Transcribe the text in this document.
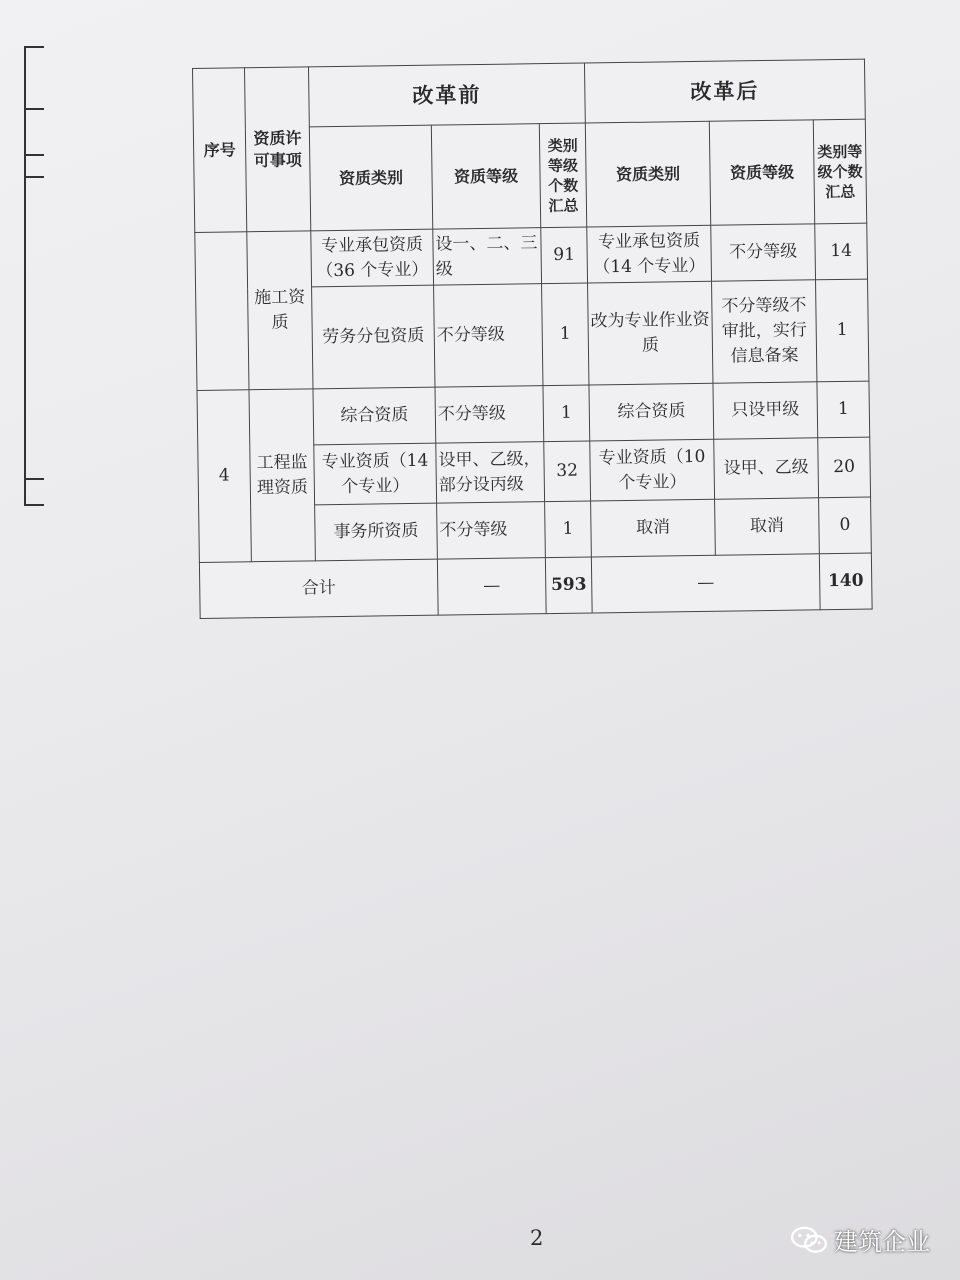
序号	资质许可事项	改革前			改革后		
		资质类别	资质等级	类别等级个数汇总	资质类别	资质等级	类别等级个数汇总
	施工资质	专业承包资质（36 个专业）	设一、二、三级	91	专业承包资质（14 个专业）	不分等级	14
		劳务分包资质	不分等级	1	改为专业作业资质	不分等级不审批，实行信息备案	1
4	工程监理资质	综合资质	不分等级	1	综合资质	只设甲级	1
		专业资质（14 个专业）	设甲、乙级，部分设丙级	32	专业资质（10 个专业）	设甲、乙级	20
		事务所资质	不分等级	1	取消	取消	0
合计			—	593	—		140
2	建筑企业
